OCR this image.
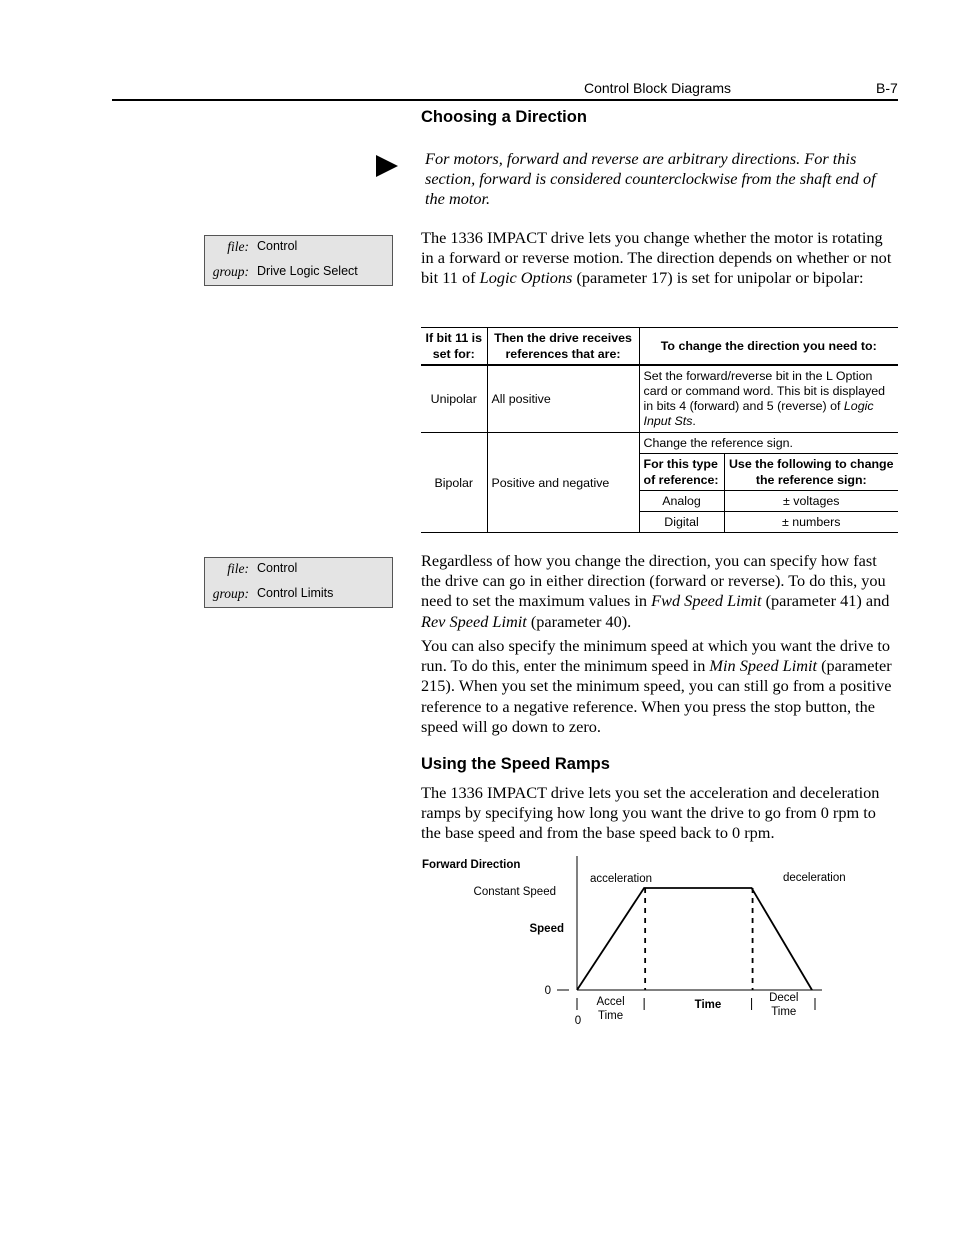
Control Block Diagrams	B-7
Choosing a Direction
For motors, forward and reverse are arbitrary directions. For this section, forward is considered counterclockwise from the shaft end of the motor.
file: Control
group: Drive Logic Select
The 1336 IMPACT drive lets you change whether the motor is rotating in a forward or reverse motion. The direction depends on whether or not bit 11 of Logic Options (parameter 17) is set for unipolar or bipolar:
If bit 11 is set for:	Then the drive receives references that are:	To change the direction you need to:	
Unipolar	All positive	Set the forward/reverse bit in the L Option card or command word. This bit is displayed in bits 4 (forward) and 5 (reverse) of Logic Input Sts.	
Bipolar	Positive and negative	Change the reference sign.	
		For this type of reference:	Use the following to change the reference sign:
		Analog	± voltages
		Digital	± numbers
file: Control
group: Control Limits
Regardless of how you change the direction, you can specify how fast the drive can go in either direction (forward or reverse). To do this, you need to set the maximum values in Fwd Speed Limit (parameter 41) and Rev Speed Limit (parameter 40).
You can also specify the minimum speed at which you want the drive to run. To do this, enter the minimum speed in Min Speed Limit (parameter 215). When you set the minimum speed, you can still go from a positive reference to a negative reference. When you press the stop button, the speed will go down to zero.
Using the Speed Ramps
The 1336 IMPACT drive lets you set the acceleration and deceleration ramps by specifying how long you want the drive to go from 0 rpm to the base speed and from the base speed back to 0 rpm.
Forward Direction
Constant Speed
Speed
0
acceleration	deceleration
0
Accel Time
Decel Time
Time
